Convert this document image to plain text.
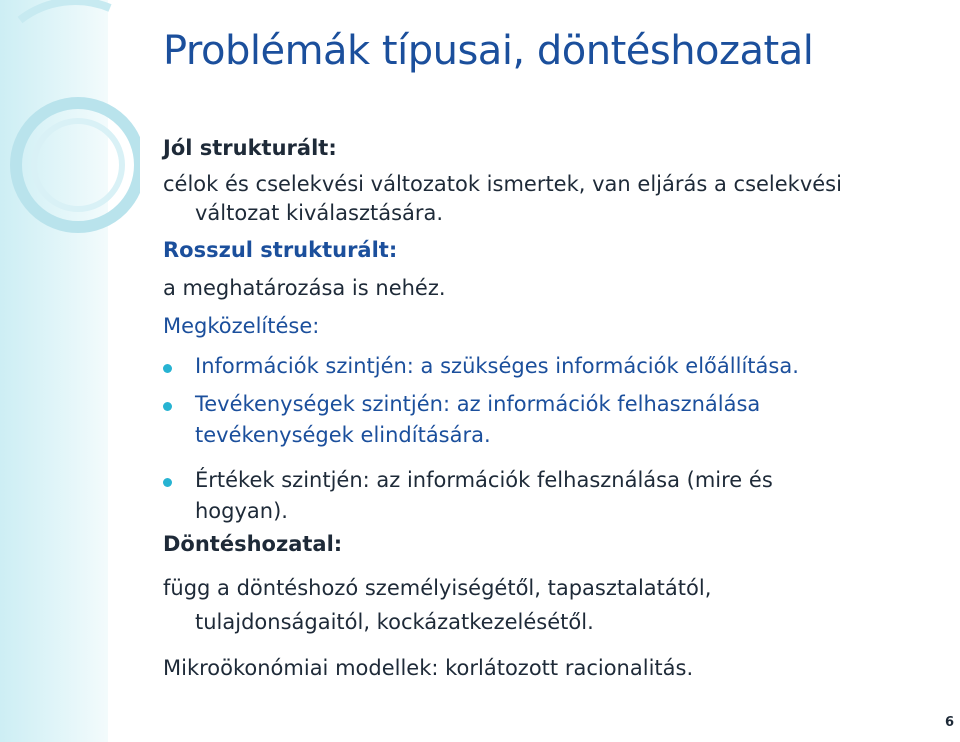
Problémák típusai, döntéshozatal

Jól strukturált:

célok és cselekvési változatok ismertek, van eljárás a cselekvési

változat kiválasztására.

Rosszul strukturált:

a meghatározása is nehéz.

Megközelítése:

Információk szintjén: a szükséges információk előállítása.

Tevékenységek szintjén: az információk felhasználása

tevékenységek elindítására.

Értékek szintjén: az információk felhasználása (mire és

hogyan).

Döntéshozatal:

függ a döntéshozó személyiségétől, tapasztalatától,

tulajdonságaitól, kockázatkezelésétől.

Mikroökonómiai modellek: korlátozott racionalitás.

6
